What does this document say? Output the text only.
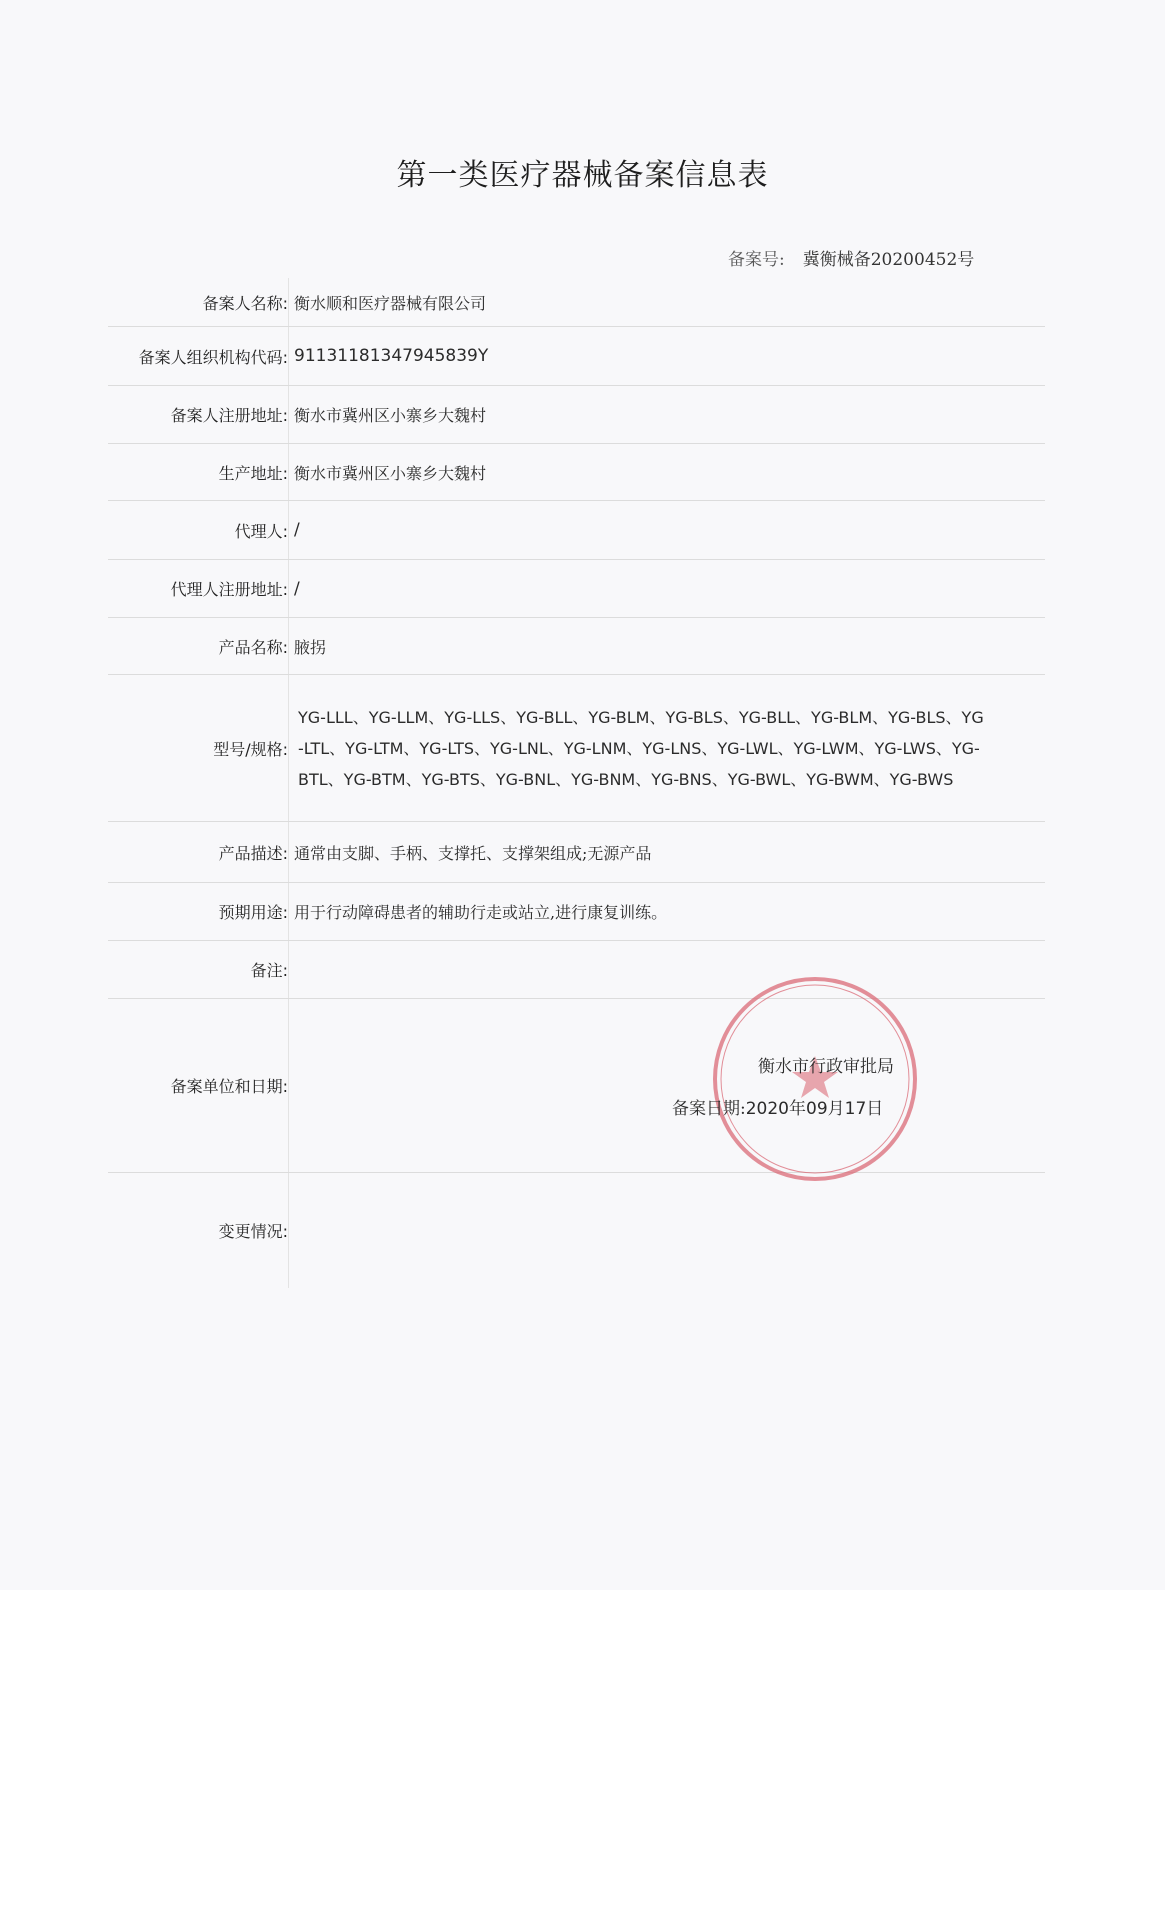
第一类医疗器械备案信息表
备案号: 冀衡械备20200452号
备案人名称: 衡水顺和医疗器械有限公司
备案人组织机构代码: 91131181347945839Y
备案人注册地址: 衡水市冀州区小寨乡大魏村
生产地址: 衡水市冀州区小寨乡大魏村
代理人: /
代理人注册地址: /
产品名称: 腋拐
型号/规格:
YG-LLL、YG-LLM、YG-LLS、YG-BLL、YG-BLM、YG-BLS、YG-BLL、YG-BLM、YG-BLS、YG-LTL、YG-LTM、YG-LTS、YG-LNL、YG-LNM、YG-LNS、YG-LWL、YG-LWM、YG-LWS、YG-BTL、YG-BTM、YG-BTS、YG-BNL、YG-BNM、YG-BNS、YG-BWL、YG-BWM、YG-BWS
产品描述: 通常由支脚、手柄、支撑托、支撑架组成;无源产品
预期用途: 用于行动障碍患者的辅助行走或站立,进行康复训练。
备注:
备案单位和日期:
变更情况:
衡水市行政审批局
备案日期:2020年09月17日
